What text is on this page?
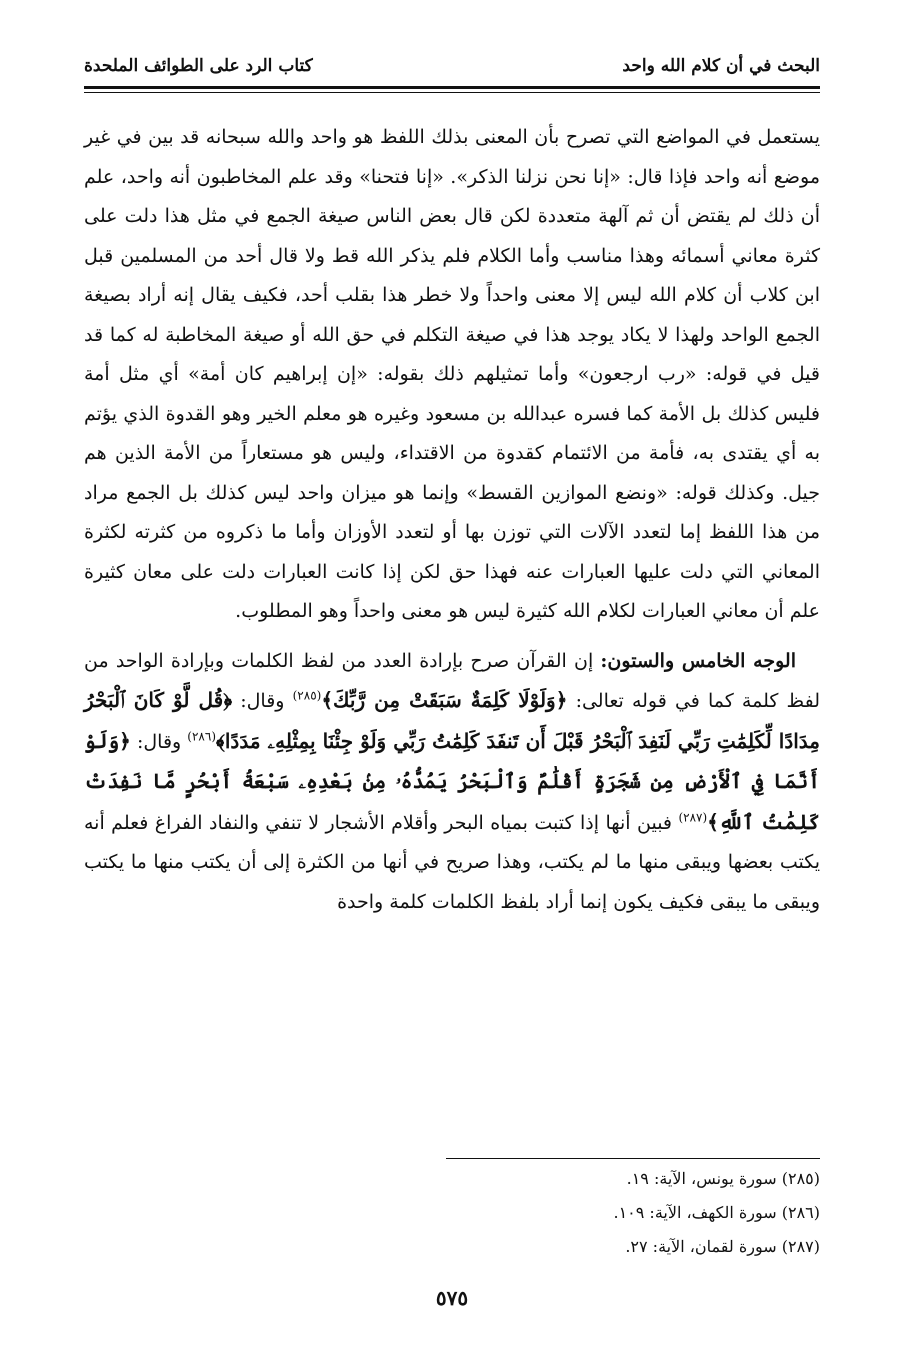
البحث في أن كلام الله واحد
كتاب الرد على الطوائف الملحدة

يستعمل في المواضع التي تصرح بأن المعنى بذلك اللفظ هو واحد والله سبحانه قد بين في غير موضع أنه واحد فإذا قال: «إنا نحن نزلنا الذكر». «إنا فتحنا» وقد علم المخاطبون أنه واحد، علم أن ذلك لم يقتض أن ثم آلهة متعددة لكن قال بعض الناس صيغة الجمع في مثل هذا دلت على كثرة معاني أسمائه وهذا مناسب وأما الكلام فلم يذكر الله قط ولا قال أحد من المسلمين قبل ابن كلاب أن كلام الله ليس إلا معنى واحداً ولا خطر هذا بقلب أحد، فكيف يقال إنه أراد بصيغة الجمع الواحد ولهذا لا يكاد يوجد هذا في صيغة التكلم في حق الله أو صيغة المخاطبة له كما قد قيل في قوله: «رب ارجعون» وأما تمثيلهم ذلك بقوله: «إن إبراهيم كان أمة» أي مثل أمة فليس كذلك بل الأمة كما فسره عبدالله بن مسعود وغيره هو معلم الخير وهو القدوة الذي يؤتم به أي يقتدى به، فأمة من الائتمام كقدوة من الاقتداء، وليس هو مستعاراً من الأمة الذين هم جيل. وكذلك قوله: «ونضع الموازين القسط» وإنما هو ميزان واحد ليس كذلك بل الجمع مراد من هذا اللفظ إما لتعدد الآلات التي توزن بها أو لتعدد الأوزان وأما ما ذكروه من كثرته لكثرة المعاني التي دلت عليها العبارات عنه فهذا حق لكن إذا كانت العبارات دلت على معان كثيرة علم أن معاني العبارات لكلام الله كثيرة ليس هو معنى واحداً وهو المطلوب.

الوجه الخامس والستون: إن القرآن صرح بإرادة العدد من لفظ الكلمات وبإرادة الواحد من لفظ كلمة كما في قوله تعالى: ﴿وَلَوْلَا كَلِمَةٌ سَبَقَتْ مِن رَّبِّكَ﴾$^{(٢٨٥)}$ وقال: ﴿قُل لَّوْ كَانَ ٱلْبَحْرُ مِدَادًا لِّكَلِمَٰتِ رَبِّي لَنَفِدَ ٱلْبَحْرُ قَبْلَ أَن تَنفَدَ كَلِمَٰتُ رَبِّي وَلَوْ جِئْنَا بِمِثْلِهِۦ مَدَدًا﴾$^{(٢٨٦)}$ وقال: ﴿وَلَوْ أَنَّمَا فِي ٱلْأَرْضِ مِن شَجَرَةٍ أَقْلَٰمٌ وَٱلْبَحْرُ يَمُدُّهُۥ مِنۢ بَعْدِهِۦ سَبْعَةُ أَبْحُرٍ مَّا نَفِدَتْ كَلِمَٰتُ ٱللَّهِ﴾$^{(٢٨٧)}$ فبين أنها إذا كتبت بمياه البحر وأقلام الأشجار لا تنفي والنفاد الفراغ فعلم أنه يكتب بعضها ويبقى منها ما لم يكتب، وهذا صريح في أنها من الكثرة إلى أن يكتب منها ما يكتب ويبقى ما يبقى فكيف يكون إنما أراد بلفظ الكلمات كلمة واحدة

(٢٨٥) سورة يونس، الآية: ١٩.

(٢٨٦) سورة الكهف، الآية: ١٠٩.

(٢٨٧) سورة لقمان، الآية: ٢٧.

٥٧٥
